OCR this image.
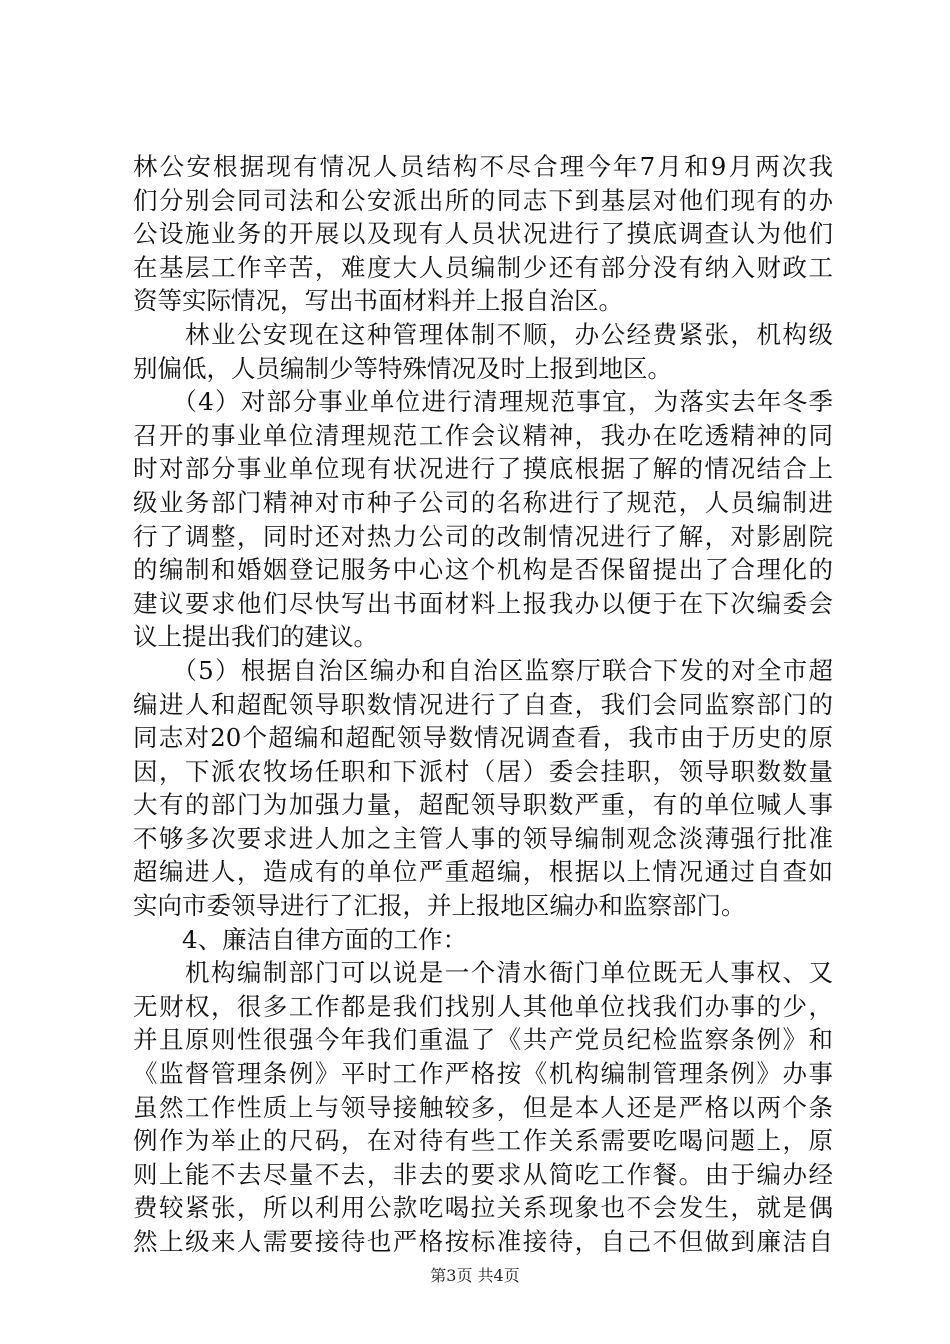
林公安根据现有情况人员结构不尽合理今年7月和9月两次我
们分别会同司法和公安派出所的同志下到基层对他们现有的办
公设施业务的开展以及现有人员状况进行了摸底调查认为他们
在基层工作辛苦，难度大人员编制少还有部分没有纳入财政工
资等实际情况，写出书面材料并上报自治区。
　　林业公安现在这种管理体制不顺，办公经费紧张，机构级
别偏低，人员编制少等特殊情况及时上报到地区。
　　（4）对部分事业单位进行清理规范事宜，为落实去年冬季
召开的事业单位清理规范工作会议精神，我办在吃透精神的同
时对部分事业单位现有状况进行了摸底根据了解的情况结合上
级业务部门精神对市种子公司的名称进行了规范，人员编制进
行了调整，同时还对热力公司的改制情况进行了解，对影剧院
的编制和婚姻登记服务中心这个机构是否保留提出了合理化的
建议要求他们尽快写出书面材料上报我办以便于在下次编委会
议上提出我们的建议。
　　（5）根据自治区编办和自治区监察厅联合下发的对全市超
编进人和超配领导职数情况进行了自查，我们会同监察部门的
同志对20个超编和超配领导数情况调查看，我市由于历史的原
因，下派农牧场任职和下派村（居）委会挂职，领导职数数量
大有的部门为加强力量，超配领导职数严重，有的单位喊人事
不够多次要求进人加之主管人事的领导编制观念淡薄强行批准
超编进人，造成有的单位严重超编，根据以上情况通过自查如
实向市委领导进行了汇报，并上报地区编办和监察部门。
　　4、廉洁自律方面的工作：
　　机构编制部门可以说是一个清水衙门单位既无人事权、又
无财权，很多工作都是我们找别人其他单位找我们办事的少，
并且原则性很强今年我们重温了《共产党员纪检监察条例》和
《监督管理条例》平时工作严格按《机构编制管理条例》办事
虽然工作性质上与领导接触较多，但是本人还是严格以两个条
例作为举止的尺码，在对待有些工作关系需要吃喝问题上，原
则上能不去尽量不去，非去的要求从简吃工作餐。由于编办经
费较紧张，所以利用公款吃喝拉关系现象也不会发生，就是偶
然上级来人需要接待也严格按标准接待，自己不但做到廉洁自
第3页 共4页
